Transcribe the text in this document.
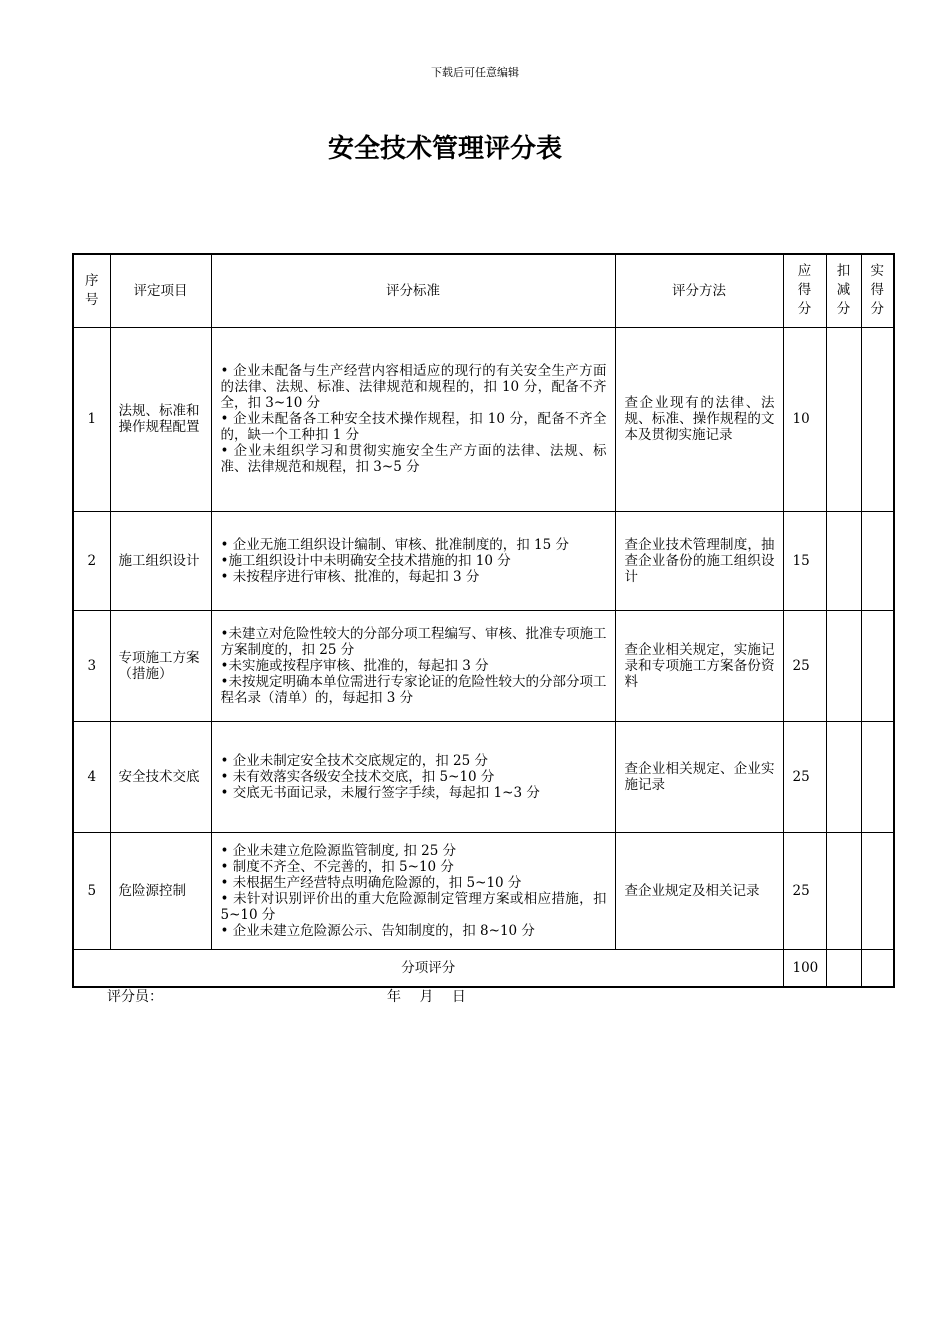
下载后可任意编辑
安全技术管理评分表
序
号	评定项目	评分标准	评分方法	应
得
分	扣
减
分	实
得
分

1	法规、标准和操作规程配置	• 企业未配备与生产经营内容相适应的现行的有关安全生产方面的法律、法规、标准、法律规范和规程的，扣 10 分，配备不齐全，扣 3~10 分
• 企业未配备各工种安全技术操作规程，扣 10 分，配备不齐全的，缺一个工种扣 1 分
• 企业未组织学习和贯彻实施安全生产方面的法律、法规、标准、法律规范和规程，扣 3~5 分	查企业现有的法律、法规、标准、操作规程的文本及贯彻实施记录	10		
2	施工组织设计	• 企业无施工组织设计编制、审核、批准制度的，扣 15 分
•施工组织设计中未明确安全技术措施的扣 10 分
• 未按程序进行审核、批准的，每起扣 3 分	查企业技术管理制度，抽查企业备份的施工组织设计	15		
3	专项施工方案（措施）	•未建立对危险性较大的分部分项工程编写、审核、批准专项施工方案制度的，扣 25 分
•未实施或按程序审核、批准的，每起扣 3 分
•未按规定明确本单位需进行专家论证的危险性较大的分部分项工程名录（清单）的，每起扣 3 分	查企业相关规定，实施记录和专项施工方案备份资料	25		
4	安全技术交底	• 企业未制定安全技术交底规定的，扣 25 分
• 未有效落实各级安全技术交底，扣 5~10 分
• 交底无书面记录，未履行签字手续，每起扣 1~3 分	查企业相关规定、企业实施记录	25		
5	危险源控制	• 企业未建立危险源监管制度, 扣 25 分
• 制度不齐全、不完善的，扣 5~10 分
• 未根据生产经营特点明确危险源的，扣 5~10 分
• 未针对识别评价出的重大危险源制定管理方案或相应措施，扣 5~10 分
• 企业未建立危险源公示、告知制度的，扣 8~10 分	查企业规定及相关记录	25		
分项评分				100		
评分员：	年 月 日
